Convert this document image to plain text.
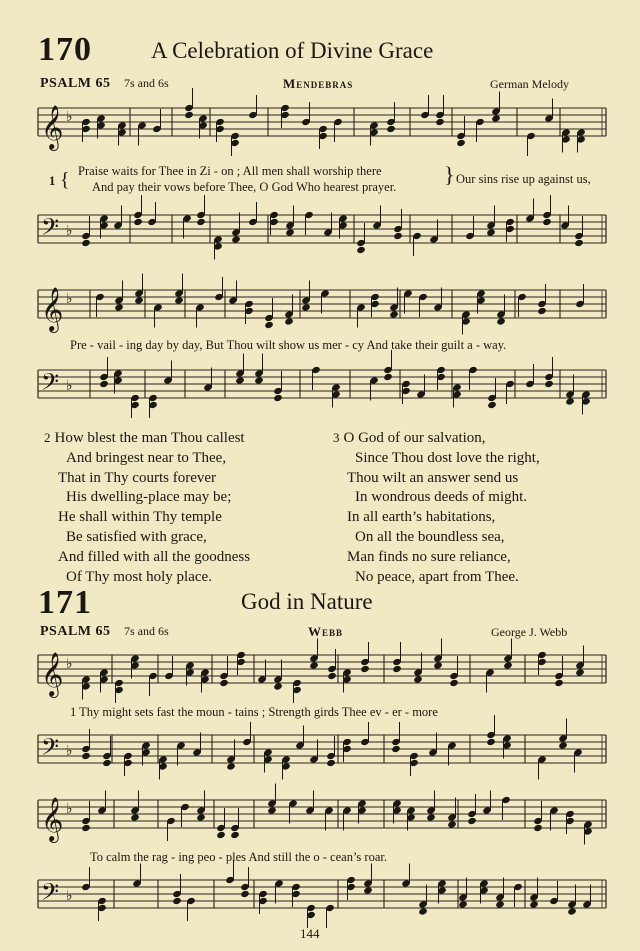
170	A Celebration of Divine Grace
PSALM 65 7s and 6s	Mendebras	German Melody
𝄞 ♭
𝄢 ♭
𝄞 ♭
𝄢 ♭
𝄞 ♭
𝄢 ♭
𝄞 ♭
𝄢 ♭
{
1
Praise waits for Thee in Zi - on ; All men shall worship there
And pay their vows before Thee, O God Who hearest prayer. } Our sins rise up against us,
Pre - vail - ing day by day, But Thou wilt show us mer - cy And take their guilt a - way.
2 How blest the man Thou callest
And bringest near to Thee,
That in Thy courts forever
His dwelling-place may be;
He shall within Thy temple
Be satisfied with grace,
And filled with all the goodness
Of Thy most holy place.
3 O God of our salvation,
Since Thou dost love the right,
Thou wilt an answer send us
In wondrous deeds of might.
In all earth’s habitations,
On all the boundless sea,
Man finds no sure reliance,
No peace, apart from Thee.
171	God in Nature
PSALM 65 7s and 6s	Webb	George J. Webb
1 Thy might sets fast the moun - tains ; Strength girds Thee ev - er - more
To calm the rag - ing peo - ples And still the o - cean’s roar.
144
